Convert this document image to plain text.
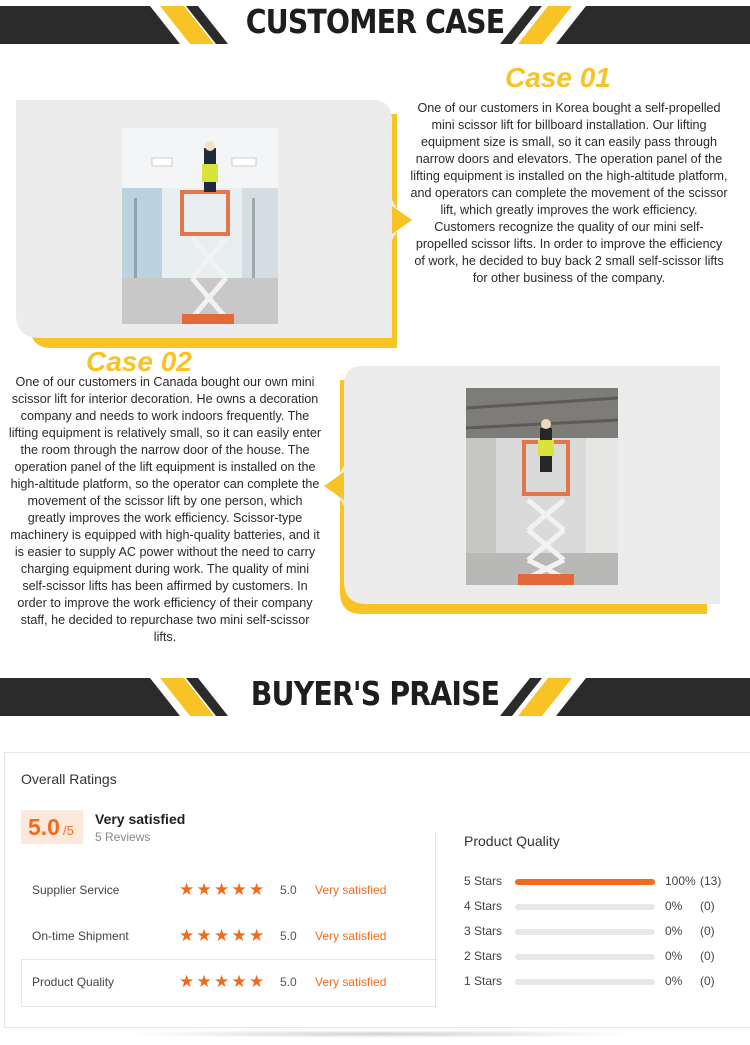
CUSTOMER CASE
Case 01
One of our customers in Korea bought a self-propelled mini scissor lift for billboard installation. Our lifting equipment size is small, so it can easily pass through narrow doors and elevators. The operation panel of the lifting equipment is installed on the high-altitude platform, and operators can complete the movement of the scissor lift, which greatly improves the work efficiency. Customers recognize the quality of our mini self-propelled scissor lifts. In order to improve the efficiency of work, he decided to buy back 2 small self-scissor lifts for other business of the company.
Case 02
One of our customers in Canada bought our own mini scissor lift for interior decoration. He owns a decoration company and needs to work indoors frequently. The lifting equipment is relatively small, so it can easily enter the room through the narrow door of the house. The operation panel of the lift equipment is installed on the high-altitude platform, so the operator can complete the movement of the scissor lift by one person, which greatly improves the work efficiency. Scissor-type machinery is equipped with high-quality batteries, and it is easier to supply AC power without the need to carry charging equipment during work. The quality of mini self-scissor lifts has been affirmed by customers. In order to improve the work efficiency of their company staff, he decided to repurchase two mini self-scissor lifts.
BUYER'S PRAISE
Overall Ratings
5.0 /5
Very satisfied
5 Reviews
Supplier Service	★ ★ ★ ★ ★ 5.0 Very satisfied
On-time Shipment	★ ★ ★ ★ ★ 5.0 Very satisfied
Product Quality	★ ★ ★ ★ ★ 5.0 Very satisfied
Product Quality
5 Stars	100% (13)
4 Stars	0% (0)
3 Stars	0% (0)
2 Stars	0% (0)
1 Stars	0% (0)
